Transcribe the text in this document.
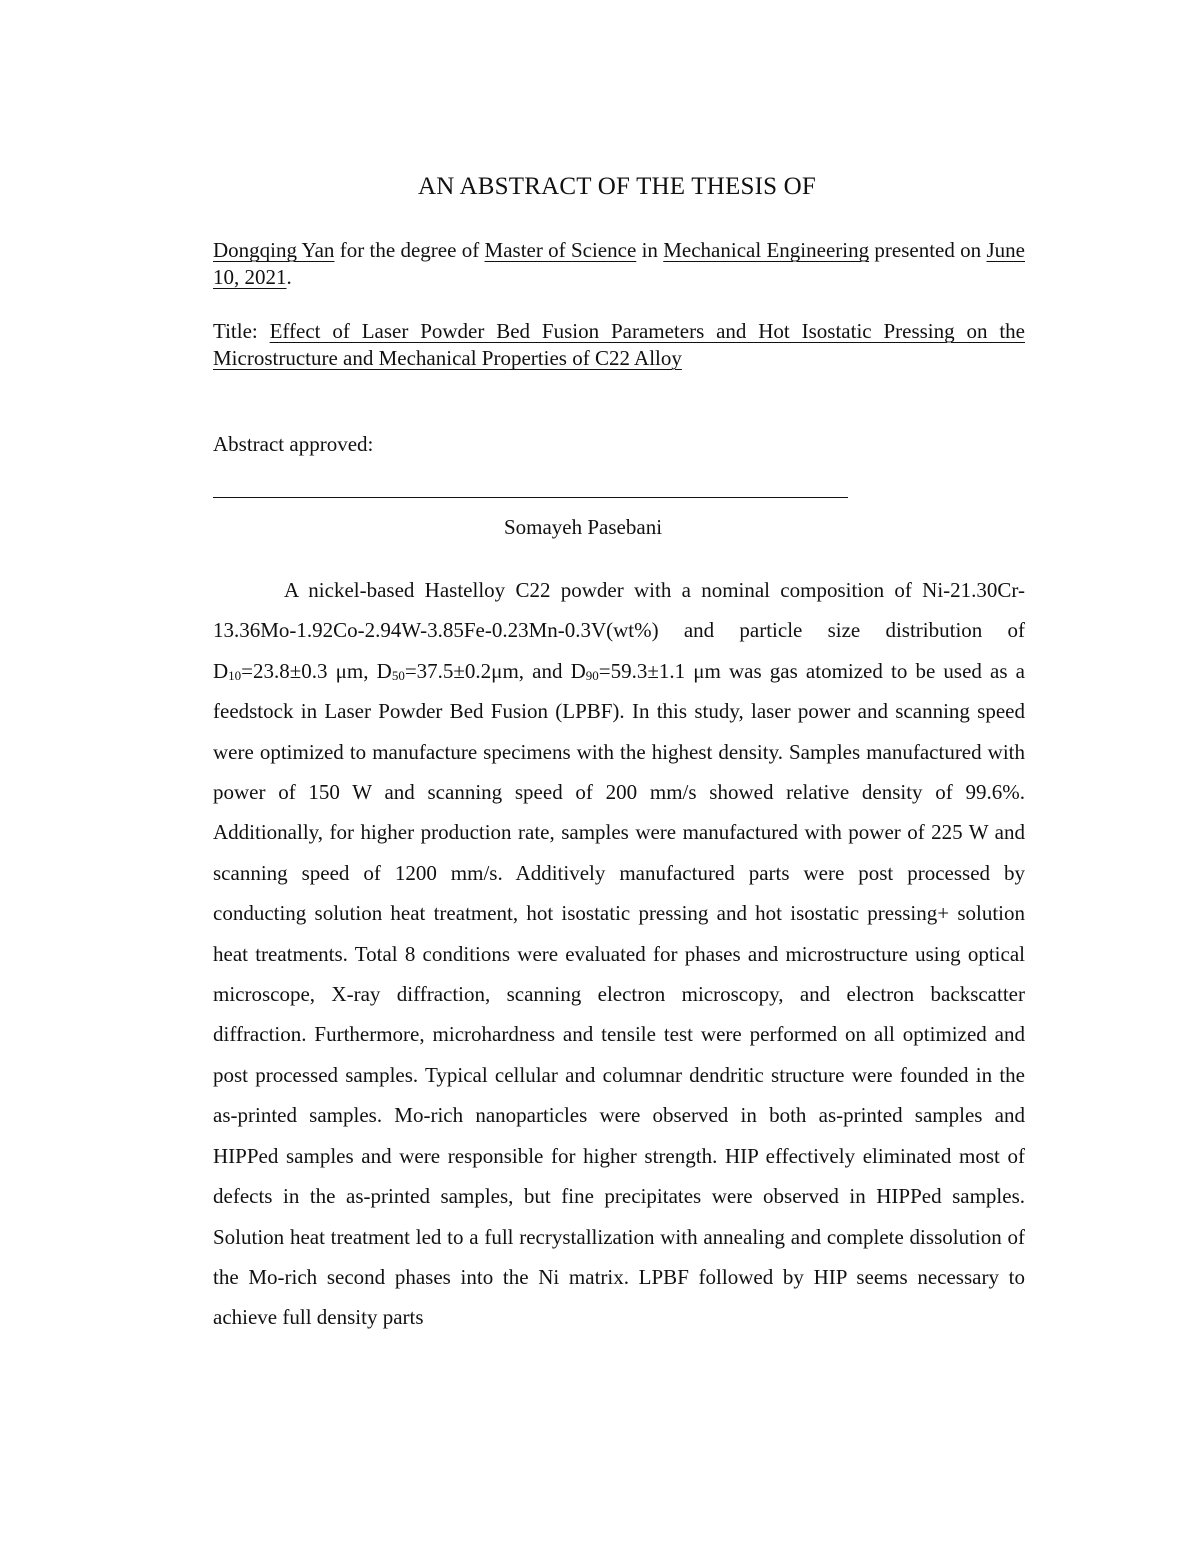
AN ABSTRACT OF THE THESIS OF
Dongqing Yan for the degree of Master of Science in Mechanical Engineering presented on June 10, 2021.
Title: Effect of Laser Powder Bed Fusion Parameters and Hot Isostatic Pressing on the Microstructure and Mechanical Properties of C22 Alloy
Abstract approved:
Somayeh Pasebani

A nickel-based Hastelloy C22 powder with a nominal composition of Ni-21.30Cr-13.36Mo-1.92Co-2.94W-3.85Fe-0.23Mn-0.3V(wt%) and particle size distribution of $D_{10}=23.8\pm 0.3$ μm, $D_{50}=37.5\pm 0.2\mu m$, and $D_{90}=59.3\pm 1.1$ μm was gas atomized to be used as a feedstock in Laser Powder Bed Fusion (LPBF). In this study, laser power and scanning speed were optimized to manufacture specimens with the highest density. Samples manufactured with power of 150 W and scanning speed of 200 mm/s showed relative density of 99.6%. Additionally, for higher production rate, samples were manufactured with power of 225 W and scanning speed of 1200 mm/s. Additively manufactured parts were post processed by conducting solution heat treatment, hot isostatic pressing and hot isostatic pressing+ solution heat treatments. Total 8 conditions were evaluated for phases and microstructure using optical microscope, X-ray diffraction, scanning electron microscopy, and electron backscatter diffraction. Furthermore, microhardness and tensile test were performed on all optimized and post processed samples. Typical cellular and columnar dendritic structure were founded in the as-printed samples. Mo-rich nanoparticles were observed in both as-printed samples and HIPPed samples and were responsible for higher strength. HIP effectively eliminated most of defects in the as-printed samples, but fine precipitates were observed in HIPPed samples. Solution heat treatment led to a full recrystallization with annealing and complete dissolution of the Mo-rich second phases into the Ni matrix. LPBF followed by HIP seems necessary to achieve full density parts
